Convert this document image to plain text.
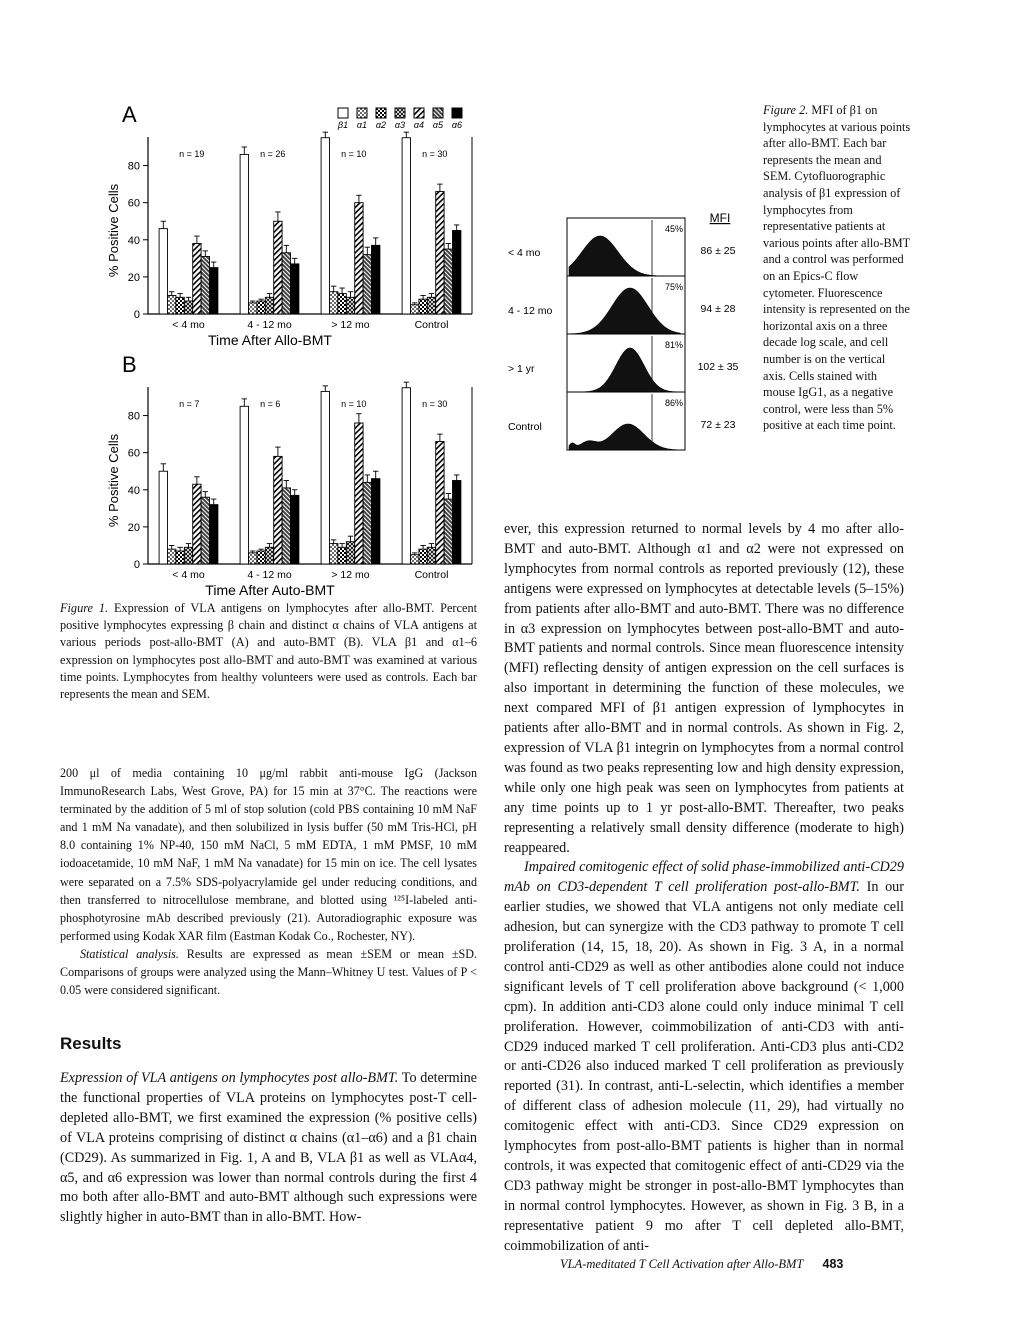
A
0
20
40
60
80
% Positive Cells
n = 19
< 4 mo
n = 26
4 - 12 mo
n = 10
> 12 mo
n = 30
Control
Time After Allo-BMT
β1 α1 α2 α3 α4 α5 α6
B
0
20
40
60
80
% Positive Cells
n = 7
< 4 mo
n = 6
4 - 12 mo
n = 10
> 12 mo
n = 30
Control
Time After Auto-BMT
Figure 1. Expression of VLA antigens on lymphocytes after allo-BMT. Percent positive lymphocytes expressing β chain and distinct α chains of VLA antigens at various periods post-allo-BMT (A) and auto-BMT (B). VLA β1 and α1–6 expression on lymphocytes post allo-BMT and auto-BMT was examined at various time points. Lymphocytes from healthy volunteers were used as controls. Each bar represents the mean and SEM.
MFI
45%
< 4 mo	86 ± 25
75%
4 - 12 mo	94 ± 28
81%
> 1 yr	102 ± 35
86%
Control	72 ± 23
Figure 2. MFI of β1 on lymphocytes at various points after allo-BMT. Each bar represents the mean and SEM. Cytofluorographic analysis of β1 expression of lymphocytes from representative patients at various points after allo-BMT and a control was performed on an Epics-C flow cytometer. Fluorescence intensity is represented on the horizontal axis on a three decade log scale, and cell number is on the vertical axis. Cells stained with mouse IgG1, as a negative control, were less than 5% positive at each time point.

200 μl of media containing 10 μg/ml rabbit anti-mouse IgG (Jackson ImmunoResearch Labs, West Grove, PA) for 15 min at 37°C. The reactions were terminated by the addition of 5 ml of stop solution (cold PBS containing 10 mM NaF and 1 mM Na vanadate), and then solubilized in lysis buffer (50 mM Tris-HCl, pH 8.0 containing 1% NP-40, 150 mM NaCl, 5 mM EDTA, 1 mM PMSF, 10 mM iodoacetamide, 10 mM NaF, 1 mM Na vanadate) for 15 min on ice. The cell lysates were separated on a 7.5% SDS-polyacrylamide gel under reducing conditions, and then transferred to nitrocellulose membrane, and blotted using ¹²⁵I-labeled anti-phosphotyrosine mAb described previously (21). Autoradiographic exposure was performed using Kodak XAR film (Eastman Kodak Co., Rochester, NY).

Statistical analysis. Results are expressed as mean ±SEM or mean ±SD. Comparisons of groups were analyzed using the Mann–Whitney U test. Values of P < 0.05 were considered significant.

Results

Expression of VLA antigens on lymphocytes post allo-BMT. To determine the functional properties of VLA proteins on lymphocytes post-T cell-depleted allo-BMT, we first examined the expression (% positive cells) of VLA proteins comprising of distinct α chains (α1–α6) and a β1 chain (CD29). As summarized in Fig. 1, A and B, VLA β1 as well as VLAα4, α5, and α6 expression was lower than normal controls during the first 4 mo both after allo-BMT and auto-BMT although such expressions were slightly higher in auto-BMT than in allo-BMT. How-

ever, this expression returned to normal levels by 4 mo after allo-BMT and auto-BMT. Although α1 and α2 were not expressed on lymphocytes from normal controls as reported previously (12), these antigens were expressed on lymphocytes at detectable levels (5–15%) from patients after allo-BMT and auto-BMT. There was no difference in α3 expression on lymphocytes between post-allo-BMT and auto-BMT patients and normal controls. Since mean fluorescence intensity (MFI) reflecting density of antigen expression on the cell surfaces is also important in determining the function of these molecules, we next compared MFI of β1 antigen expression of lymphocytes in patients after allo-BMT and in normal controls. As shown in Fig. 2, expression of VLA β1 integrin on lymphocytes from a normal control was found as two peaks representing low and high density expression, while only one high peak was seen on lymphocytes from patients at any time points up to 1 yr post-allo-BMT. Thereafter, two peaks representing a relatively small density difference (moderate to high) reappeared.

Impaired comitogenic effect of solid phase-immobilized anti-CD29 mAb on CD3-dependent T cell proliferation post-allo-BMT. In our earlier studies, we showed that VLA antigens not only mediate cell adhesion, but can synergize with the CD3 pathway to promote T cell proliferation (14, 15, 18, 20). As shown in Fig. 3 A, in a normal control anti-CD29 as well as other antibodies alone could not induce significant levels of T cell proliferation above background (< 1,000 cpm). In addition anti-CD3 alone could only induce minimal T cell proliferation. However, coimmobilization of anti-CD3 with anti-CD29 induced marked T cell proliferation. Anti-CD3 plus anti-CD2 or anti-CD26 also induced marked T cell proliferation as previously reported (31). In contrast, anti-L-selectin, which identifies a member of different class of adhesion molecule (11, 29), had virtually no comitogenic effect with anti-CD3. Since CD29 expression on lymphocytes from post-allo-BMT patients is higher than in normal controls, it was expected that comitogenic effect of anti-CD29 via the CD3 pathway might be stronger in post-allo-BMT lymphocytes than in normal control lymphocytes. However, as shown in Fig. 3 B, in a representative patient 9 mo after T cell depleted allo-BMT, coimmobilization of anti-

VLA-meditated T Cell Activation after Allo-BMT 483
